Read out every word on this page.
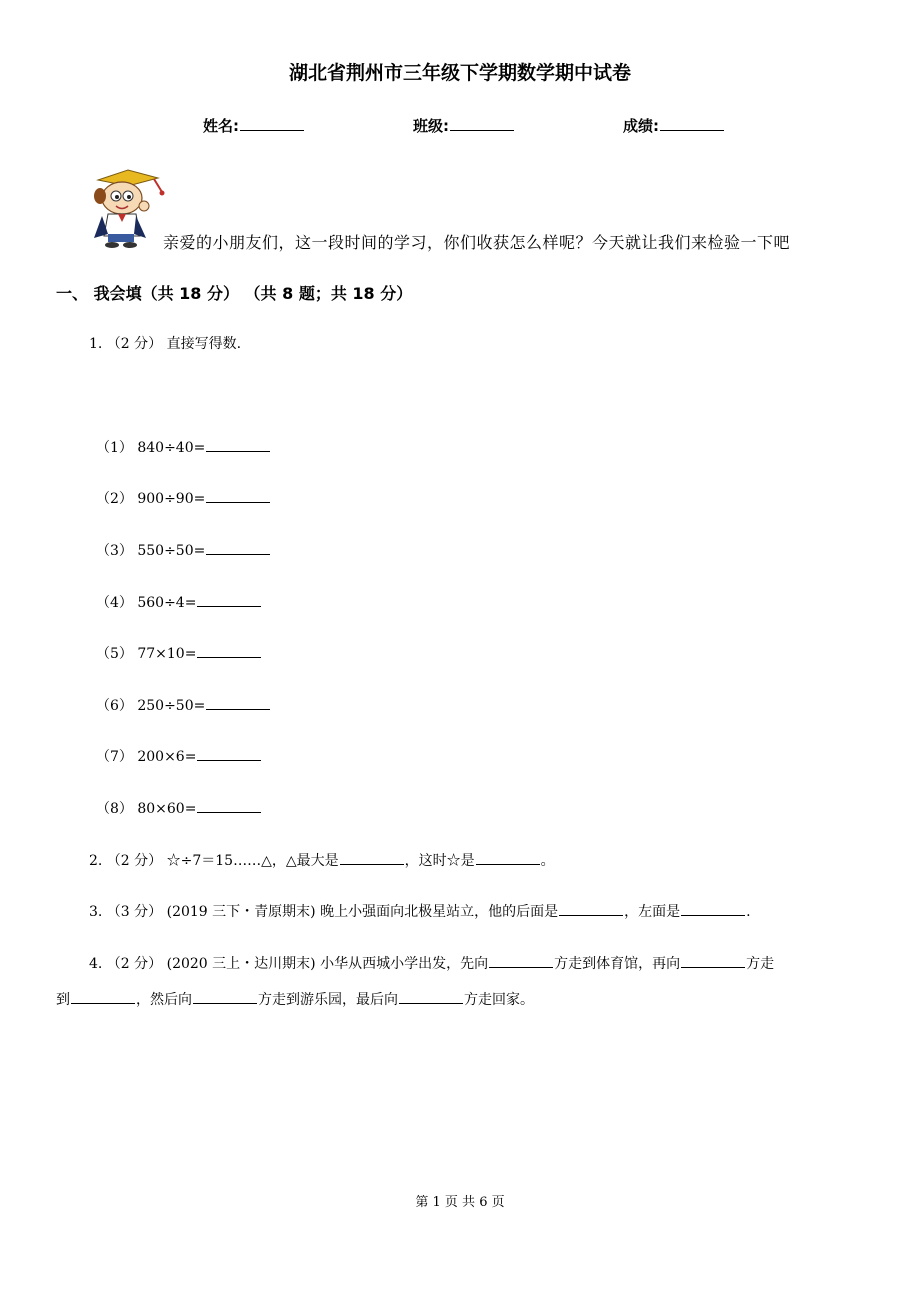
湖北省荆州市三年级下学期数学期中试卷
姓名:	班级:	成绩:
亲爱的小朋友们，这一段时间的学习，你们收获怎么样呢？今天就让我们来检验一下吧
一、 我会填（共 18 分） （共 8 题；共 18 分）
1. （2 分） 直接写得数.
（1） 840÷40=
（2） 900÷90=
（3） 550÷50=
（4） 560÷4=
（5） 77×10=
（6） 250÷50=
（7） 200×6=
（8） 80×60=
2. （2 分） ☆÷7＝15……△，△最大是	，这时☆是	。
3. （3 分） (2019 三下・青原期末) 晚上小强面向北极星站立，他的后面是	，左面是	.
4. （2 分） (2020 三上・达川期末) 小华从西城小学出发，先向	方走到体育馆，再向	方走
到	，然后向	方走到游乐园，最后向	方走回家。
第 1 页 共 6 页
